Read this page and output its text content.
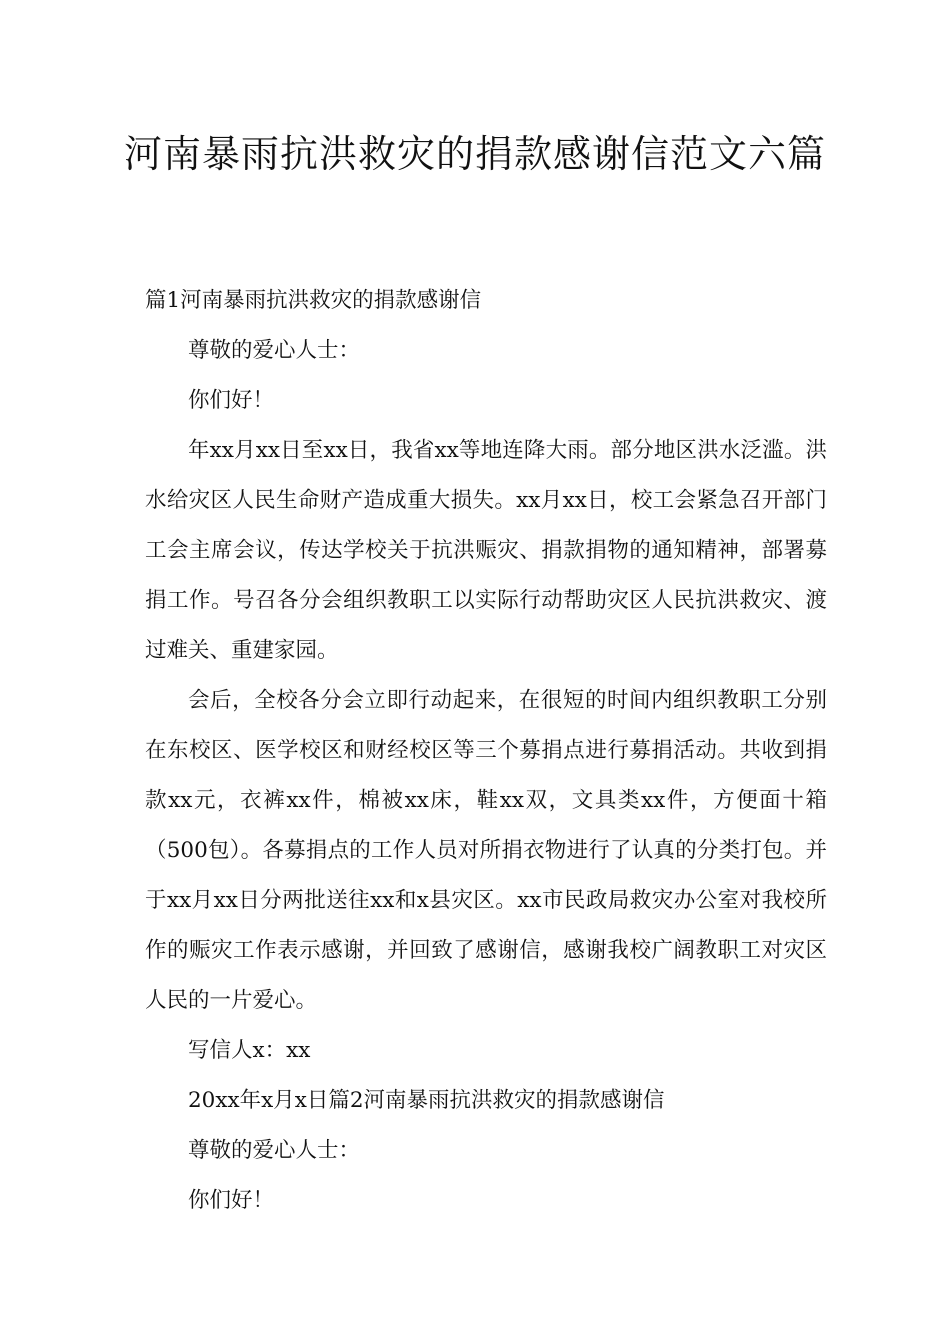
河南暴雨抗洪救灾的捐款感谢信范文六篇

篇1河南暴雨抗洪救灾的捐款感谢信

尊敬的爱心人士：

你们好！

年xx月xx日至xx日，我省xx等地连降大雨。部分地区洪水泛滥。洪水给灾区人民生命财产造成重大损失。xx月xx日，校工会紧急召开部门工会主席会议，传达学校关于抗洪赈灾、捐款捐物的通知精神，部署募捐工作。号召各分会组织教职工以实际行动帮助灾区人民抗洪救灾、渡过难关、重建家园。

会后，全校各分会立即行动起来，在很短的时间内组织教职工分别在东校区、医学校区和财经校区等三个募捐点进行募捐活动。共收到捐款xx元，衣裤xx件，棉被xx床，鞋xx双，文具类xx件，方便面十箱（500包）。各募捐点的工作人员对所捐衣物进行了认真的分类打包。并于xx月xx日分两批送往xx和x县灾区。xx市民政局救灾办公室对我校所作的赈灾工作表示感谢，并回致了感谢信，感谢我校广阔教职工对灾区人民的一片爱心。

写信人x：xx

20xx年x月x日篇2河南暴雨抗洪救灾的捐款感谢信

尊敬的爱心人士：

你们好！
